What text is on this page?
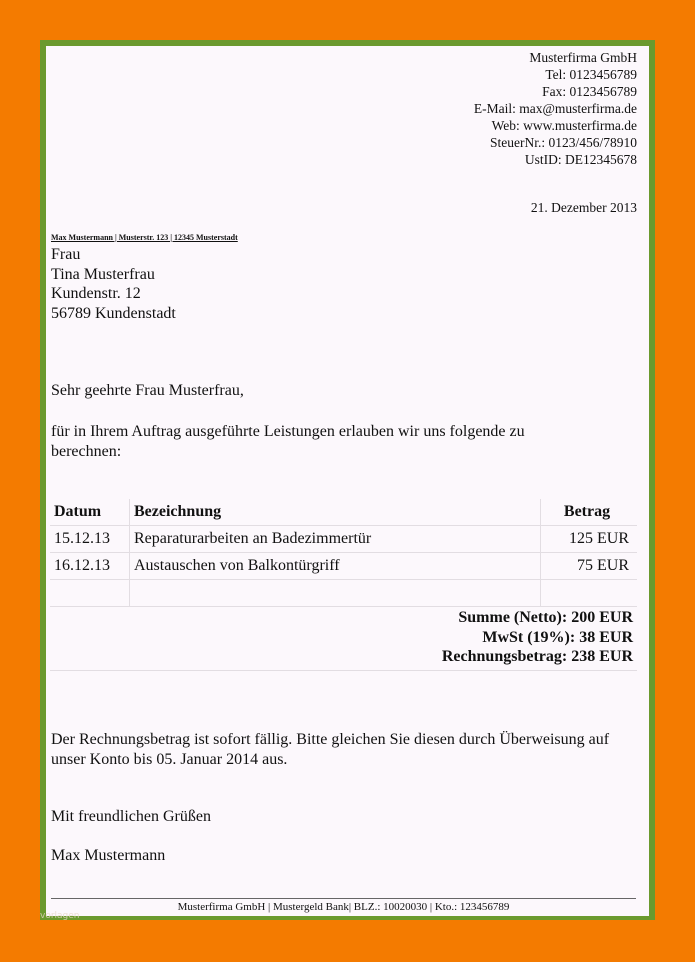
Musterfirma GmbH
Tel: 0123456789
Fax: 0123456789
E-Mail: max@musterfirma.de
Web: www.musterfirma.de
SteuerNr.: 0123/456/78910
UstID: DE12345678
21. Dezember 2013
Max Mustermann | Musterstr. 123 | 12345 Musterstadt
Frau
Tina Musterfrau
Kundenstr. 12
56789 Kundenstadt
Sehr geehrte Frau Musterfrau,
für in Ihrem Auftrag ausgeführte Leistungen erlauben wir uns folgende zu berechnen:
Datum	Bezeichnung	Betrag
15.12.13	Reparaturarbeiten an Badezimmertür	125 EUR
16.12.13	Austauschen von Balkontürgriff	75 EUR

Summe (Netto): 200 EUR
MwSt (19%): 38 EUR
Rechnungsbetrag: 238 EUR
Der Rechnungsbetrag ist sofort fällig. Bitte gleichen Sie diesen durch Überweisung auf unser Konto bis 05. Januar 2014 aus.
Mit freundlichen Grüßen
Max Mustermann
Musterfirma GmbH | Mustergeld Bank| BLZ.: 10020030 | Kto.: 123456789
vorlagen
